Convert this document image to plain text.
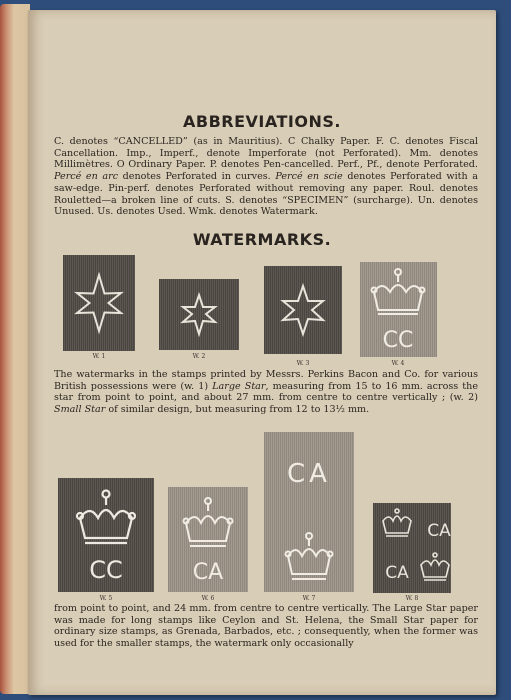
ABBREVIATIONS.

C. denotes “CANCELLED” (as in Mauritius). C Chalky Paper. F. C. denotes Fiscal Cancellation. Imp., Imperf., denote Imperforate (not Perforated). Mm. denotes Millimètres. O Ordinary Paper. P. denotes Pen-cancelled. Perf., Pf., denote Perforated. Percé en arc denotes Perforated in curves. Percé en scie denotes Perforated with a saw-edge. Pin-perf. denotes Perforated without removing any paper. Roul. denotes Rouletted—a broken line of cuts. S. denotes “SPECIMEN” (surcharge). Un. denotes Unused. Us. denotes Used. Wmk. denotes Watermark.

WATERMARKS.
W. 1	W. 2
W. 3
CC
W. 4

The watermarks in the stamps printed by Messrs. Perkins Bacon and Co. for various British possessions were (w. 1) Large Star, measuring from 15 to 16 mm. across the star from point to point, and about 27 mm. from centre to centre vertically ; (w. 2) Small Star of similar design, but measuring from 12 to 13½ mm.

CC
W. 5
CA
W. 6
CA
W. 7
CA
CA
W. 8

from point to point, and 24 mm. from centre to centre vertically. The Large Star paper was made for long stamps like Ceylon and St. Helena, the Small Star paper for ordinary size stamps, as Grenada, Barbados, etc. ; consequently, when the former was used for the smaller stamps, the watermark only occasionally
